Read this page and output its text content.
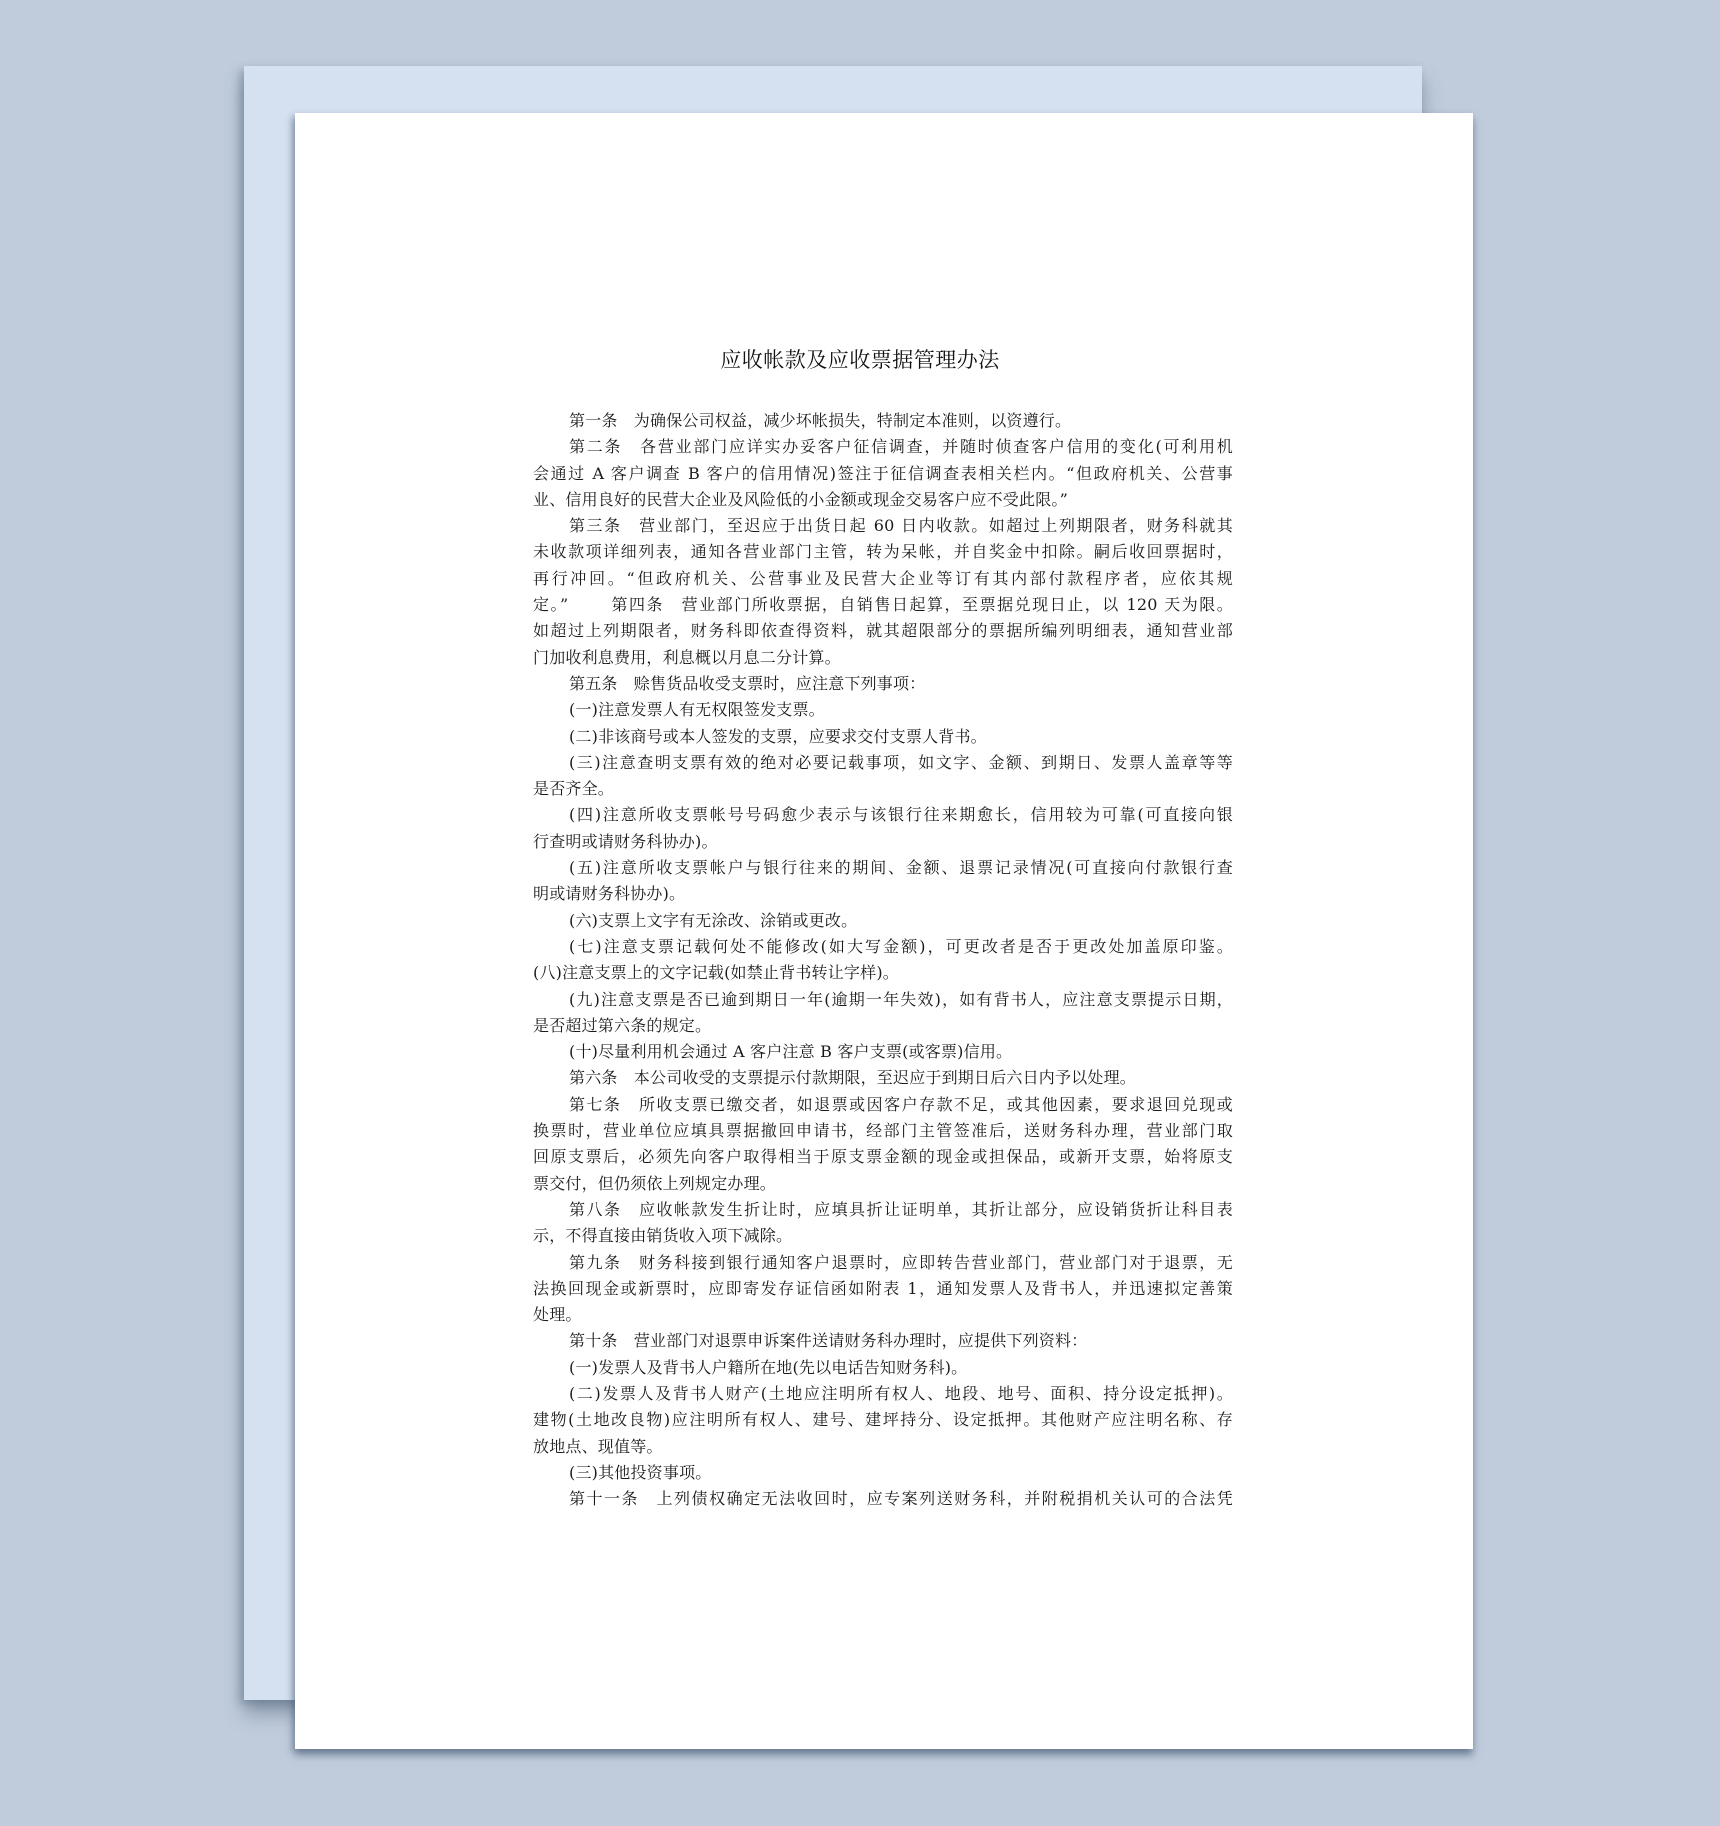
应收帐款及应收票据管理办法
第一条　为确保公司权益，减少坏帐损失，特制定本准则，以资遵行。
第二条　各营业部门应详实办妥客户征信调查，并随时侦查客户信用的变化(可利用机
会通过 A 客户调查 B 客户的信用情况)签注于征信调查表相关栏内。“但政府机关、公营事
业、信用良好的民营大企业及风险低的小金额或现金交易客户应不受此限。”
第三条　营业部门，至迟应于出货日起 60 日内收款。如超过上列期限者，财务科就其
未收款项详细列表，通知各营业部门主管，转为呆帐，并自奖金中扣除。嗣后收回票据时，
再行冲回。“但政府机关、公营事业及民营大企业等订有其内部付款程序者，应依其规
定。”　　 第四条　营业部门所收票据，自销售日起算，至票据兑现日止，以 120 天为限。
如超过上列期限者，财务科即依查得资料，就其超限部分的票据所编列明细表，通知营业部
门加收利息费用，利息概以月息二分计算。
第五条　赊售货品收受支票时，应注意下列事项：
(一)注意发票人有无权限签发支票。
(二)非该商号或本人签发的支票，应要求交付支票人背书。
(三)注意查明支票有效的绝对必要记载事项，如文字、金额、到期日、发票人盖章等等
是否齐全。
(四)注意所收支票帐号号码愈少表示与该银行往来期愈长，信用较为可靠(可直接向银
行查明或请财务科协办)。
(五)注意所收支票帐户与银行往来的期间、金额、退票记录情况(可直接向付款银行查
明或请财务科协办)。
(六)支票上文字有无涂改、涂销或更改。
(七)注意支票记载何处不能修改(如大写金额)，可更改者是否于更改处加盖原印鉴。
(八)注意支票上的文字记载(如禁止背书转让字样)。
(九)注意支票是否已逾到期日一年(逾期一年失效)，如有背书人，应注意支票提示日期，
是否超过第六条的规定。
(十)尽量利用机会通过 A 客户注意 B 客户支票(或客票)信用。
第六条　本公司收受的支票提示付款期限，至迟应于到期日后六日内予以处理。
第七条　所收支票已缴交者，如退票或因客户存款不足，或其他因素，要求退回兑现或
换票时，营业单位应填具票据撤回申请书，经部门主管签准后，送财务科办理，营业部门取
回原支票后，必须先向客户取得相当于原支票金额的现金或担保品，或新开支票，始将原支
票交付，但仍须依上列规定办理。
第八条　应收帐款发生折让时，应填具折让证明单，其折让部分，应设销货折让科目表
示，不得直接由销货收入项下减除。
第九条　财务科接到银行通知客户退票时，应即转告营业部门，营业部门对于退票，无
法换回现金或新票时，应即寄发存证信函如附表 1，通知发票人及背书人，并迅速拟定善策
处理。
第十条　营业部门对退票申诉案件送请财务科办理时，应提供下列资料：
(一)发票人及背书人户籍所在地(先以电话告知财务科)。
(二)发票人及背书人财产(土地应注明所有权人、地段、地号、面积、持分设定抵押)。
建物(土地改良物)应注明所有权人、建号、建坪持分、设定抵押。其他财产应注明名称、存
放地点、现值等。
(三)其他投资事项。
第十一条　上列债权确定无法收回时，应专案列送财务科，并附税捐机关认可的合法凭
